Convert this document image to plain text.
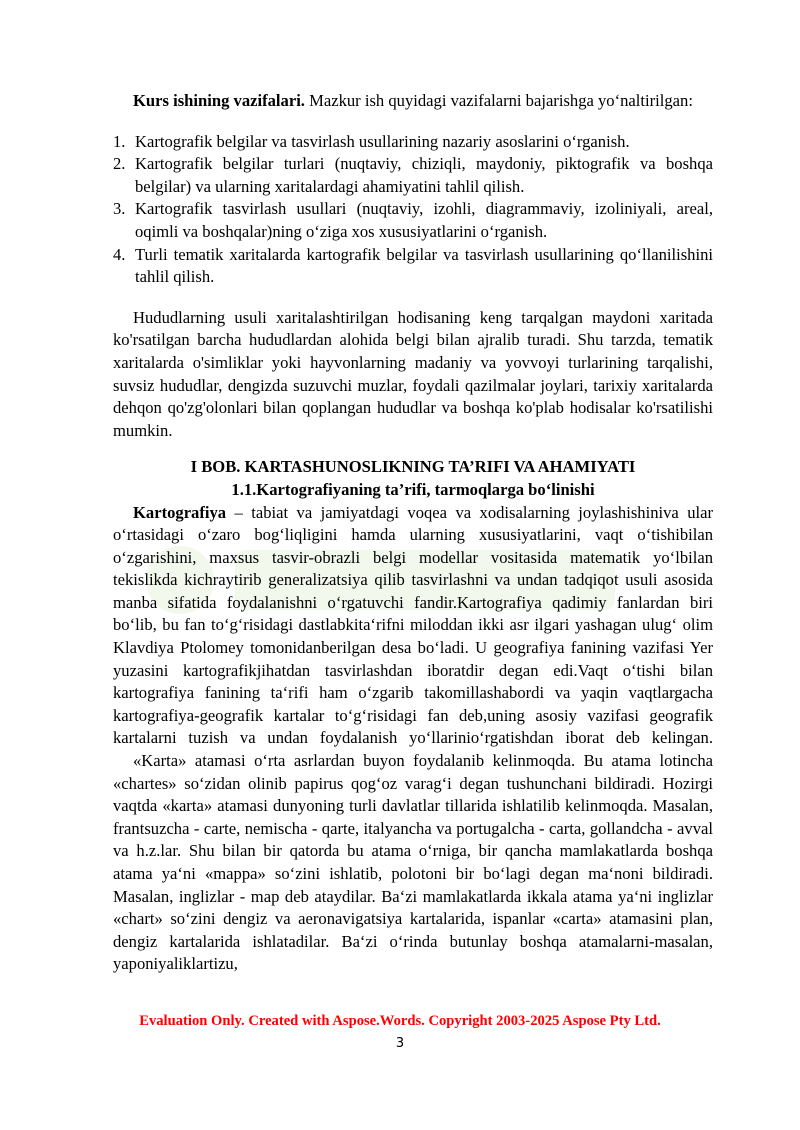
Kurs ishining vazifalari. Mazkur ish quyidagi vazifalarni bajarishga yo‘naltirilgan:

1. Kartografik belgilar va tasvirlash usullarining nazariy asoslarini o‘rganish.
2. Kartografik belgilar turlari (nuqtaviy, chiziqli, maydoniy, piktografik va boshqa belgilar) va ularning xaritalardagi ahamiyatini tahlil qilish.
3. Kartografik tasvirlash usullari (nuqtaviy, izohli, diagrammaviy, izoliniyali, areal, oqimli va boshqalar)ning o‘ziga xos xususiyatlarini o‘rganish.
4. Turli tematik xaritalarda kartografik belgilar va tasvirlash usullarining qo‘llanilishini tahlil qilish.

Hududlarning usuli xaritalashtirilgan hodisaning keng tarqalgan maydoni xaritada ko'rsatilgan barcha hududlardan alohida belgi bilan ajralib turadi. Shu tarzda, tematik xaritalarda o'simliklar yoki hayvonlarning madaniy va yovvoyi turlarining tarqalishi, suvsiz hududlar, dengizda suzuvchi muzlar, foydali qazilmalar joylari, tarixiy xaritalarda dehqon qo'zg'olonlari bilan qoplangan hududlar va boshqa ko'plab hodisalar ko'rsatilishi mumkin.

I BOB. KARTASHUNOSLIKNING TA’RIFI VA AHAMIYATI
1.1.Kartografiyaning ta’rifi, tarmoqlarga bo‘linishi

Kartografiya – tabiat va jamiyatdagi voqea va xodisalarning joylashishiniva ular o‘rtasidagi o‘zaro bog‘liqligini hamda ularning xususiyatlarini, vaqt o‘tishibilan o‘zgarishini, maxsus tasvir-obrazli belgi modellar vositasida matematik yo‘lbilan tekislikda kichraytirib generalizatsiya qilib tasvirlashni va undan tadqiqot usuli asosida manba sifatida foydalanishni o‘rgatuvchi fandir.Kartografiya qadimiy fanlardan biri bo‘lib, bu fan to‘g‘risidagi dastlabkita‘rifni miloddan ikki asr ilgari yashagan ulug‘ olim Klavdiya Ptolomey tomonidanberilgan desa bo‘ladi. U geografiya fanining vazifasi Yer yuzasini kartografikjihatdan tasvirlashdan iboratdir degan edi.Vaqt o‘tishi bilan kartografiya fanining ta‘rifi ham o‘zgarib takomillashabordi va yaqin vaqtlargacha kartografiya-geografik kartalar to‘g‘risidagi fan deb,uning asosiy vazifasi geografik kartalarni tuzish va undan foydalanish yo‘llarinio‘rgatishdan iborat deb kelingan.

«Karta» atamasi o‘rta asrlardan buyon foydalanib kelinmoqda. Bu atama lotincha «chartes» so‘zidan olinib papirus qog‘oz varag‘i degan tushunchani bildiradi. Hozirgi vaqtda «karta» atamasi dunyoning turli davlatlar tillarida ishlatilib kelinmoqda. Masalan, frantsuzcha - carte, nemischa - qarte, italyancha va portugalcha - carta, gollandcha - avval va h.z.lar. Shu bilan bir qatorda bu atama o‘rniga, bir qancha mamlakatlarda boshqa atama ya‘ni «mappa» so‘zini ishlatib, polotoni bir bo‘lagi degan ma‘noni bildiradi. Masalan, inglizlar - map deb ataydilar. Ba‘zi mamlakatlarda ikkala atama ya‘ni inglizlar «chart» so‘zini dengiz va aeronavigatsiya kartalarida, ispanlar «carta» atamasini plan, dengiz kartalarida ishlatadilar. Ba‘zi o‘rinda butunlay boshqa atamalarni-masalan, yaponiyaliklartizu,

Evaluation Only. Created with Aspose.Words. Copyright 2003-2025 Aspose Pty Ltd.
3
